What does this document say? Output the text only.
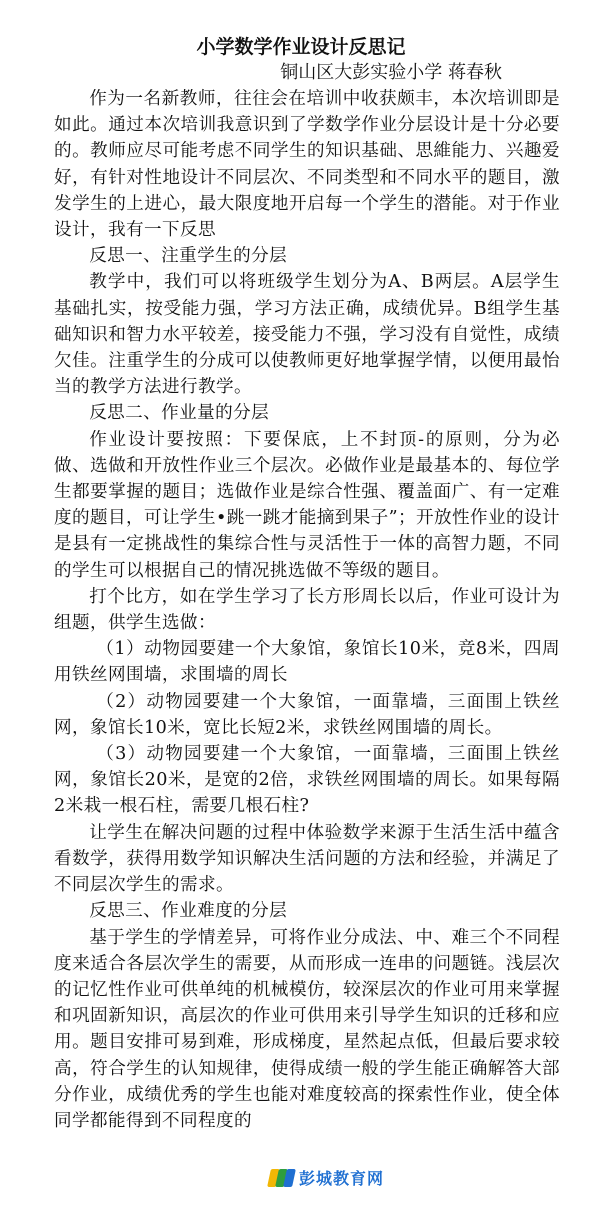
小学数学作业设计反思记

铜山区大彭实验小学 蒋春秋

作为一名新教师，往往会在培训中收获颇丰，本次培训即是如此。通过本次培训我意识到了学数学作业分层设计是十分必要的。教师应尽可能考虑不同学生的知识基础、思維能力、兴趣爱好，有针对性地设计不同层次、不同类型和不同水平的题目，激发学生的上进心，最大限度地开启每一个学生的潜能。对于作业设计，我有一下反思

反思一、注重学生的分层

教学中，我们可以将班级学生划分为A、B两层。A层学生基础扎实，按受能力强，学习方法正确，成绩优异。B组学生基础知识和智力水平较差，接受能力不强，学习没有自觉性，成绩欠佳。注重学生的分成可以使教师更好地掌握学情，以便用最怡当的教学方法进行教学。

反思二、作业量的分层

作业设计要按照：下要保底，上不封顶-的原则，分为必做、选做和开放性作业三个层次。必做作业是最基本的、每位学生都要掌握的题目；选做作业是综合性强、覆盖面广、有一定难度的题目，可让学生•跳一跳才能摘到果子”；开放性作业的设计是县有一定挑战性的集综合性与灵活性于一体的高智力题，不同的学生可以根据自己的情况挑选做不等级的题目。

打个比方，如在学生学习了长方形周长以后，作业可设计为组题，供学生选做：

（1）动物园要建一个大象馆，象馆长10米，竞8米，四周用铁丝网围墙，求围墙的周长

（2）动物园要建一个大象馆，一面靠墙，三面围上铁丝网，象馆长10米，宽比长短2米，求铁丝网围墙的周长。

（3）动物园要建一个大象馆，一面靠墙，三面围上铁丝网，象馆长20米，是宽的2倍，求铁丝网围墙的周长。如果每隔2米栽一根石柱，需要几根石柱?

让学生在解决问题的过程中体验数学来源于生活生活中蕴含看数学，获得用数学知识解决生活问题的方法和经验，并满足了不同层次学生的需求。

反思三、作业难度的分层

基于学生的学情差异，可将作业分成法、中、难三个不同程度来适合各层次学生的需要，从而形成一连串的问题链。浅层次的记忆性作业可供单纯的机械模仿，较深层次的作业可用来掌握和巩固新知识，高层次的作业可供用来引导学生知识的迁移和应用。题目安排可易到难，形成梯度，星然起点低，但最后要求较高，符合学生的认知规律，使得成绩一般的学生能正确解答大部分作业，成绩优秀的学生也能对难度较高的探索性作业，使全体同学都能得到不同程度的

彭城教育网
